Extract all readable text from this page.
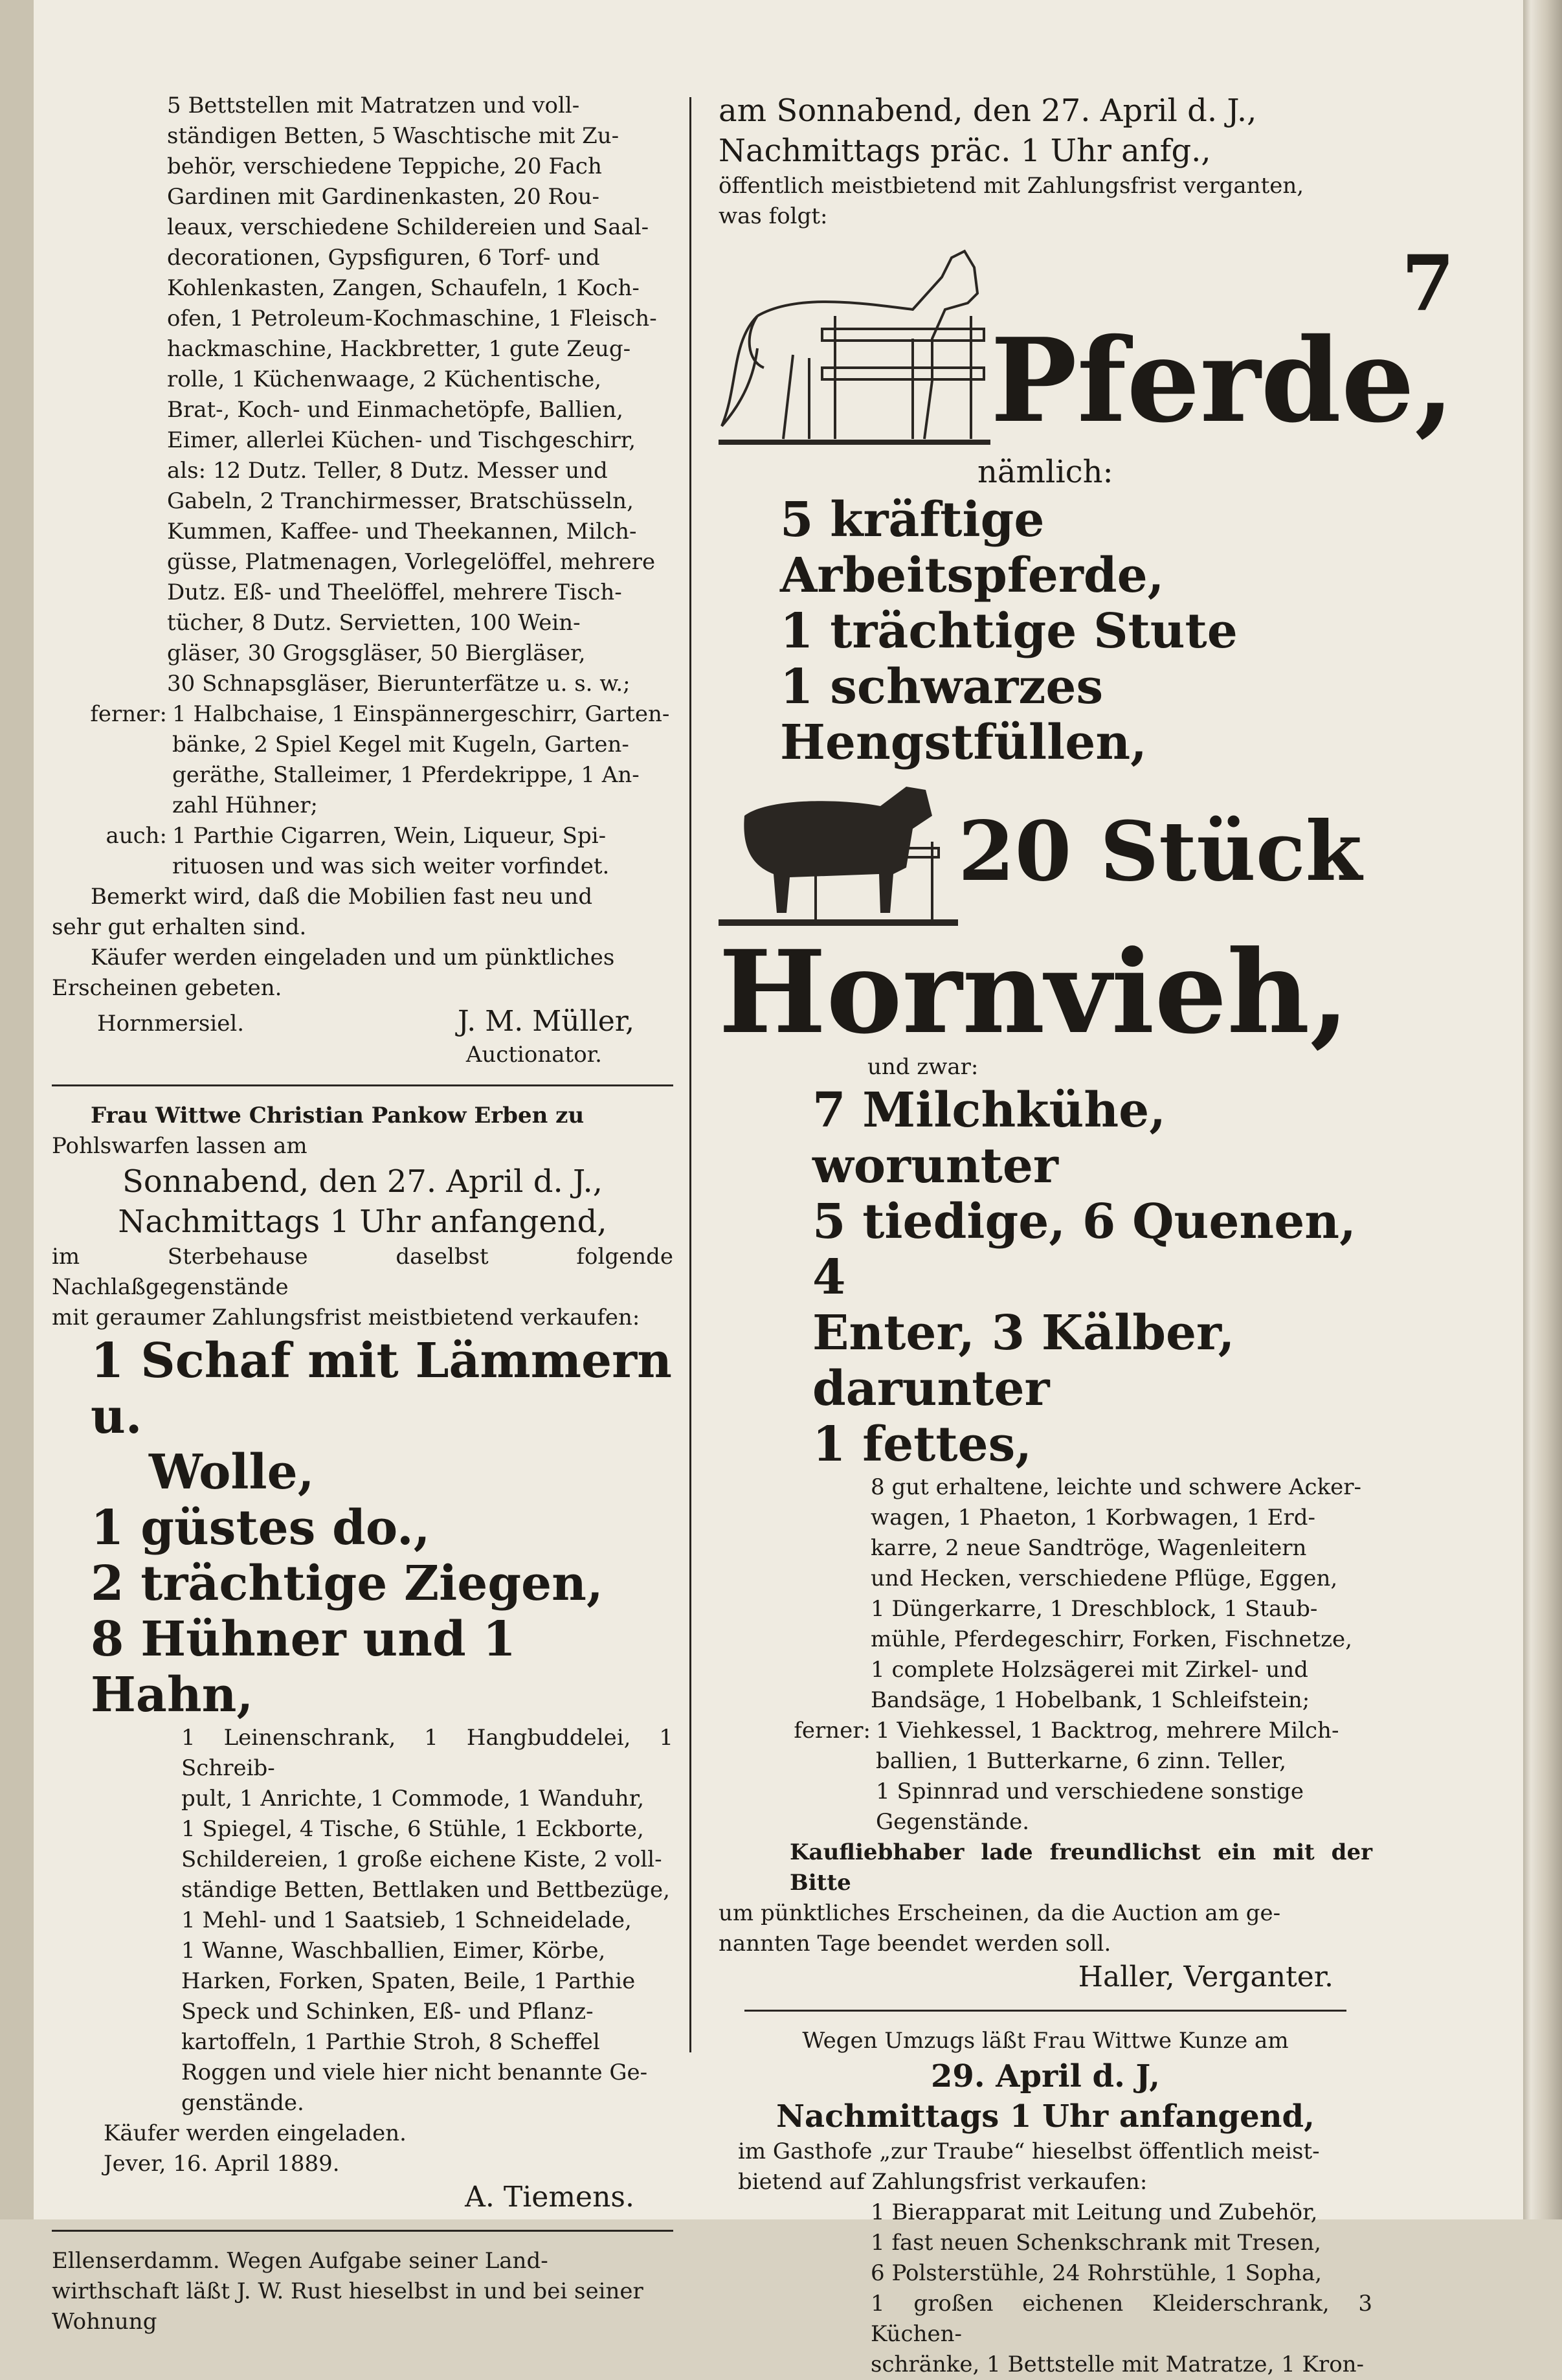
5 Bettstellen mit Matratzen und voll-

ständigen Betten, 5 Waschtische mit Zu-

behör, verschiedene Teppiche, 20 Fach

Gardinen mit Gardinenkasten, 20 Rou-

leaux, verschiedene Schildereien und Saal-

decorationen, Gypsfiguren, 6 Torf- und

Kohlenkasten, Zangen, Schaufeln, 1 Koch-

ofen, 1 Petroleum-Kochmaschine, 1 Fleisch-

hackmaschine, Hackbretter, 1 gute Zeug-

rolle, 1 Küchenwaage, 2 Küchentische,

Brat-, Koch- und Einmachetöpfe, Ballien,

Eimer, allerlei Küchen- und Tischgeschirr,

als: 12 Dutz. Teller, 8 Dutz. Messer und

Gabeln, 2 Tranchirmesser, Bratschüsseln,

Kummen, Kaffee- und Theekannen, Milch-

güsse, Platmenagen, Vorlegelöffel, mehrere

Dutz. Eß- und Theelöffel, mehrere Tisch-

tücher, 8 Dutz. Servietten, 100 Wein-

gläser, 30 Grogsgläser, 50 Biergläser,

30 Schnapsgläser, Bierunterfätze u. s. w.;

ferner: 1 Halbchaise, 1 Einspännergeschirr, Garten-

bänke, 2 Spiel Kegel mit Kugeln, Garten-

geräthe, Stalleimer, 1 Pferdekrippe, 1 An-

zahl Hühner;

auch: 1 Parthie Cigarren, Wein, Liqueur, Spi-

rituosen und was sich weiter vorfindet.

Bemerkt wird, daß die Mobilien fast neu und

sehr gut erhalten sind.

Käufer werden eingeladen und um pünktliches

Erscheinen gebeten.

Hornmersiel.	J. M. Müller,

Auctionator.

Frau Wittwe Christian Pankow Erben zu

Pohlswarfen lassen am

Sonnabend, den 27. April d. J.,

Nachmittags 1 Uhr anfangend,

im Sterbehause daselbst folgende Nachlaßgegenstände

mit geraumer Zahlungsfrist meistbietend verkaufen:

1 Schaf mit Lämmern u.

Wolle,

1 güstes do.,

2 trächtige Ziegen,

8 Hühner und 1 Hahn,

1 Leinenschrank, 1 Hangbuddelei, 1 Schreib-

pult, 1 Anrichte, 1 Commode, 1 Wanduhr,

1 Spiegel, 4 Tische, 6 Stühle, 1 Eckborte,

Schildereien, 1 große eichene Kiste, 2 voll-

ständige Betten, Bettlaken und Bettbezüge,

1 Mehl- und 1 Saatsieb, 1 Schneidelade,

1 Wanne, Waschballien, Eimer, Körbe,

Harken, Forken, Spaten, Beile, 1 Parthie

Speck und Schinken, Eß- und Pflanz-

kartoffeln, 1 Parthie Stroh, 8 Scheffel

Roggen und viele hier nicht benannte Ge-

genstände.

Käufer werden eingeladen.

Jever, 16. April 1889.

A. Tiemens.

Ellenserdamm. Wegen Aufgabe seiner Land-

wirthschaft läßt J. W. Rust hieselbst in und bei seiner

Wohnung

am Sonnabend, den 27. April d. J.,

Nachmittags präc. 1 Uhr anfg.,

öffentlich meistbietend mit Zahlungsfrist verganten,

was folgt:

7

Pferde,

nämlich:

5 kräftige Arbeitspferde,

1 trächtige Stute

1 schwarzes Hengstfüllen,

20 Stück

Hornvieh,

und zwar:

7 Milchkühe, worunter

5 tiedige, 6 Quenen, 4

Enter, 3 Kälber, darunter

1 fettes,

8 gut erhaltene, leichte und schwere Acker-

wagen, 1 Phaeton, 1 Korbwagen, 1 Erd-

karre, 2 neue Sandtröge, Wagenleitern

und Hecken, verschiedene Pflüge, Eggen,

1 Düngerkarre, 1 Dreschblock, 1 Staub-

mühle, Pferdegeschirr, Forken, Fischnetze,

1 complete Holzsägerei mit Zirkel- und

Bandsäge, 1 Hobelbank, 1 Schleifstein;

ferner: 1 Viehkessel, 1 Backtrog, mehrere Milch-

ballien, 1 Butterkarne, 6 zinn. Teller,

1 Spinnrad und verschiedene sonstige

Gegenstände.

Kaufliebhaber lade freundlichst ein mit der Bitte

um pünktliches Erscheinen, da die Auction am ge-

nannten Tage beendet werden soll.

Haller, Verganter.

Wegen Umzugs läßt Frau Wittwe Kunze am

29. April d. J,

Nachmittags 1 Uhr anfangend,

im Gasthofe „zur Traube“ hieselbst öffentlich meist-

bietend auf Zahlungsfrist verkaufen:

1 Bierapparat mit Leitung und Zubehör,

1 fast neuen Schenkschrank mit Tresen,

6 Polsterstühle, 24 Rohrstühle, 1 Sopha,

1 großen eichenen Kleiderschrank, 3 Küchen-

schränke, 1 Bettstelle mit Matratze, 1 Kron-
